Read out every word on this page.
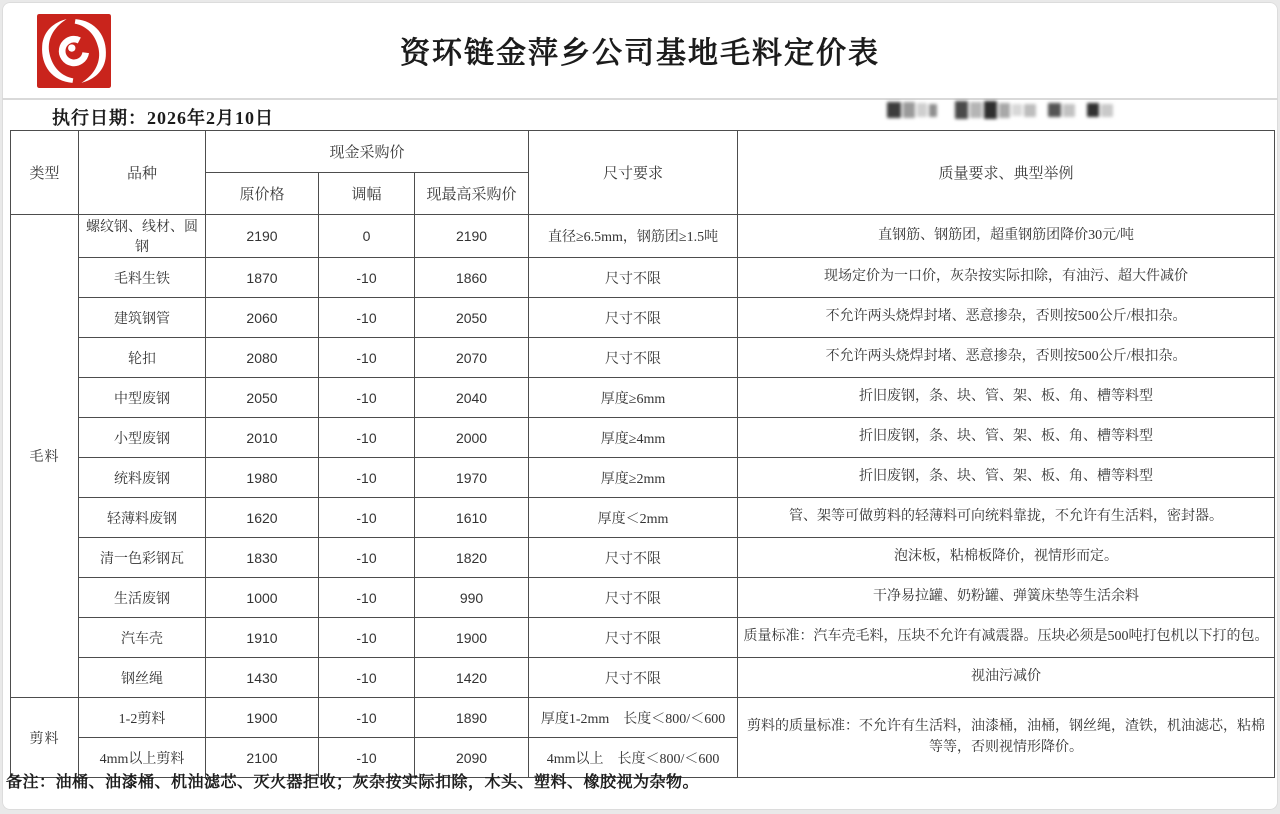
资环链金萍乡公司基地毛料定价表
执行日期：2026年2月10日
类型	品种	现金采购价			尺寸要求	质量要求、典型举例
		原价格	调幅	现最高采购价		
毛料	螺纹钢、线材、圆钢	2190	0	2190	直径≥6.5mm，钢筋团≥1.5吨	直钢筋、钢筋团，超重钢筋团降价30元/吨
	毛料生铁	1870	-10	1860	尺寸不限	现场定价为一口价，灰杂按实际扣除，有油污、超大件减价
	建筑钢管	2060	-10	2050	尺寸不限	不允许两头烧焊封堵、恶意掺杂，否则按500公斤/根扣杂。
	轮扣	2080	-10	2070	尺寸不限	不允许两头烧焊封堵、恶意掺杂，否则按500公斤/根扣杂。
	中型废钢	2050	-10	2040	厚度≥6mm	折旧废钢，条、块、管、架、板、角、槽等料型
	小型废钢	2010	-10	2000	厚度≥4mm	折旧废钢，条、块、管、架、板、角、槽等料型
	统料废钢	1980	-10	1970	厚度≥2mm	折旧废钢，条、块、管、架、板、角、槽等料型
	轻薄料废钢	1620	-10	1610	厚度＜2mm	管、架等可做剪料的轻薄料可向统料靠拢，不允许有生活料，密封器。
	清一色彩钢瓦	1830	-10	1820	尺寸不限	泡沫板，粘棉板降价，视情形而定。
	生活废钢	1000	-10	990	尺寸不限	干净易拉罐、奶粉罐、弹簧床垫等生活余料
	汽车壳	1910	-10	1900	尺寸不限	质量标准：汽车壳毛料，压块不允许有减震器。压块必须是500吨打包机以下打的包。
	钢丝绳	1430	-10	1420	尺寸不限	视油污减价
剪料	1-2剪料	1900	-10	1890	厚度1-2mm　长度＜800/＜600	剪料的质量标准：不允许有生活料，油漆桶，油桶，钢丝绳，渣铁，机油滤芯，粘棉等等，否则视情形降价。
	4mm以上剪料	2100	-10	2090	4mm以上　长度＜800/＜600	
备注：油桶、油漆桶、机油滤芯、灭火器拒收；灰杂按实际扣除，木头、塑料、橡胶视为杂物。
